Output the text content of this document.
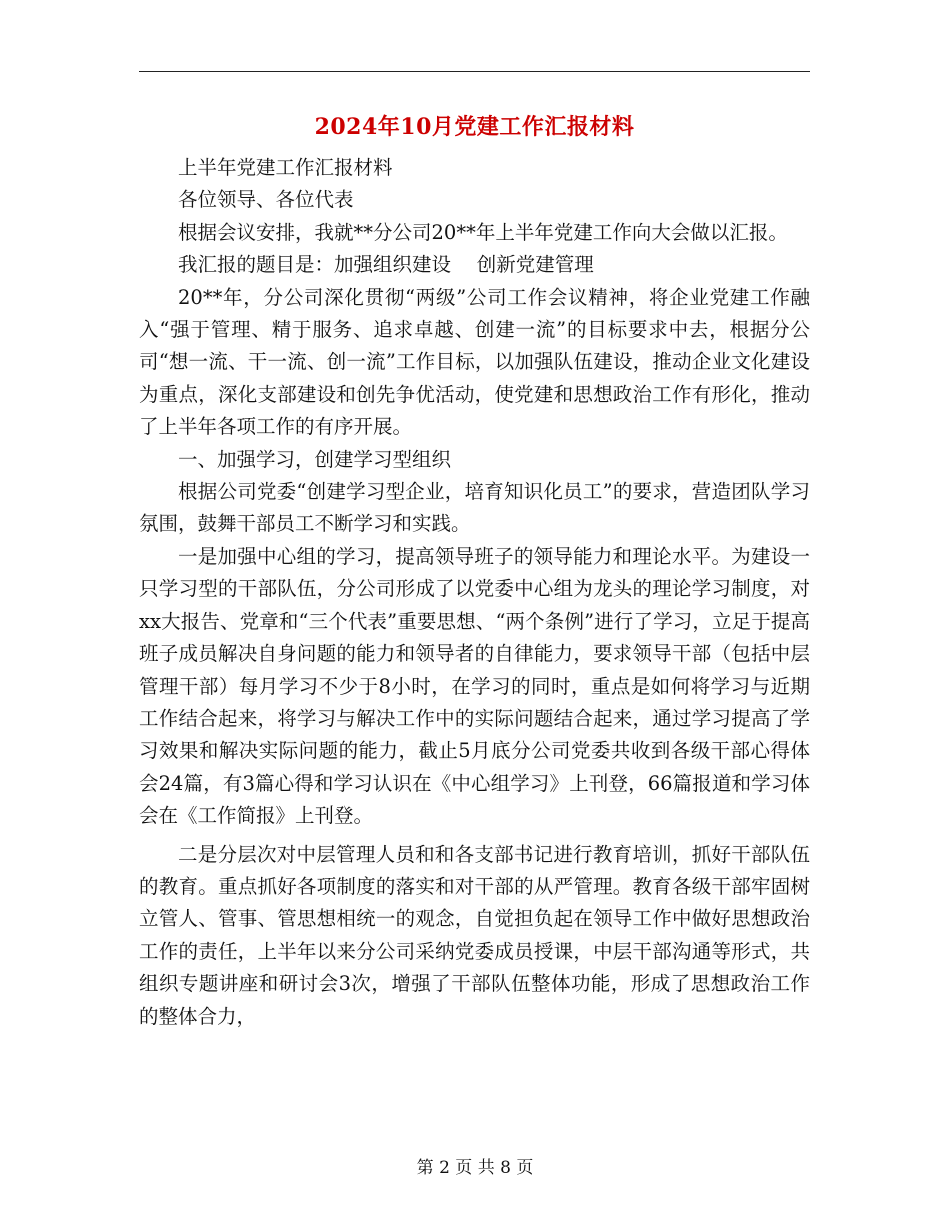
2024年10月党建工作汇报材料

上半年党建工作汇报材料

各位领导、各位代表

根据会议安排，我就**分公司20**年上半年党建工作向大会做以汇报。

我汇报的题目是：加强组织建设　 创新党建管理

20**年，分公司深化贯彻“两级”公司工作会议精神，将企业党建工作融入“强于管理、精于服务、追求卓越、创建一流”的目标要求中去，根据分公司“想一流、干一流、创一流”工作目标，以加强队伍建设，推动企业文化建设为重点，深化支部建设和创先争优活动，使党建和思想政治工作有形化，推动了上半年各项工作的有序开展。

一、加强学习，创建学习型组织

根据公司党委“创建学习型企业，培育知识化员工”的要求，营造团队学习氛围，鼓舞干部员工不断学习和实践。

一是加强中心组的学习，提高领导班子的领导能力和理论水平。为建设一只学习型的干部队伍，分公司形成了以党委中心组为龙头的理论学习制度，对xx大报告、党章和“三个代表”重要思想、“两个条例”进行了学习，立足于提高班子成员解决自身问题的能力和领导者的自律能力，要求领导干部（包括中层管理干部）每月学习不少于8小时，在学习的同时，重点是如何将学习与近期工作结合起来，将学习与解决工作中的实际问题结合起来，通过学习提高了学习效果和解决实际问题的能力，截止5月底分公司党委共收到各级干部心得体会24篇，有3篇心得和学习认识在《中心组学习》上刊登，66篇报道和学习体会在《工作简报》上刊登。

二是分层次对中层管理人员和和各支部书记进行教育培训，抓好干部队伍的教育。重点抓好各项制度的落实和对干部的从严管理。教育各级干部牢固树立管人、管事、管思想相统一的观念，自觉担负起在领导工作中做好思想政治工作的责任，上半年以来分公司采纳党委成员授课，中层干部沟通等形式，共组织专题讲座和研讨会3次，增强了干部队伍整体功能，形成了思想政治工作的整体合力，

第 2 页 共 8 页
